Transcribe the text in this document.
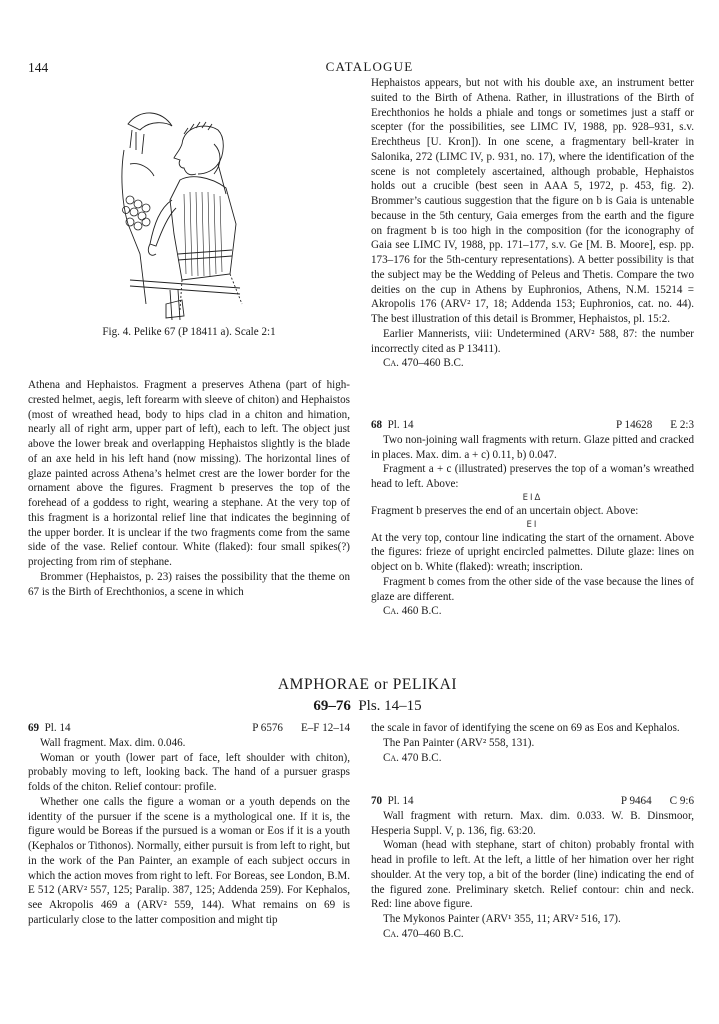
144	CATALOGUE
Fig. 4. Pelike 67 (P 18411 a). Scale 2:1

Athena and Hephaistos. Fragment a preserves Athena (part of high-crested helmet, aegis, left forearm with sleeve of chiton) and Hephaistos (most of wreathed head, body to hips clad in a chiton and himation, nearly all of right arm, upper part of left), each to left. The object just above the lower break and overlapping Hephaistos slightly is the blade of an axe held in his left hand (now missing). The horizontal lines of glaze painted across Athena’s helmet crest are the lower border for the ornament above the figures. Fragment b preserves the top of the forehead of a goddess to right, wearing a stephane. At the very top of this fragment is a horizontal relief line that indicates the beginning of the upper border. It is unclear if the two fragments come from the same side of the vase. Relief contour. White (flaked): four small spikes(?) projecting from rim of stephane.

Brommer (Hephaistos, p. 23) raises the possibility that the theme on 67 is the Birth of Erechthonios, a scene in which

Hephaistos appears, but not with his double axe, an instrument better suited to the Birth of Athena. Rather, in illustrations of the Birth of Erechthonios he holds a phiale and tongs or sometimes just a staff or scepter (for the possibilities, see LIMC IV, 1988, pp. 928–931, s.v. Erechtheus [U. Kron]). In one scene, a fragmentary bell-krater in Salonika, 272 (LIMC IV, p. 931, no. 17), where the identification of the scene is not completely ascertained, although probable, Hephaistos holds out a crucible (best seen in AAA 5, 1972, p. 453, fig. 2). Brommer’s cautious suggestion that the figure on b is Gaia is untenable because in the 5th century, Gaia emerges from the earth and the figure on fragment b is too high in the composition (for the iconography of Gaia see LIMC IV, 1988, pp. 171–177, s.v. Ge [M. B. Moore], esp. pp. 173–176 for the 5th-century representations). A better possibility is that the subject may be the Wedding of Peleus and Thetis. Compare the two deities on the cup in Athens by Euphronios, Athens, N.M. 15214 = Akropolis 176 (ARV² 17, 18; Addenda 153; Euphronios, cat. no. 44). The best illustration of this detail is Brommer, Hephaistos, pl. 15:2.

Earlier Mannerists, viii: Undetermined (ARV² 588, 87: the number incorrectly cited as P 13411).

Ca. 470–460 B.C.

68 Pl. 14	P 14628 E 2:3

Two non-joining wall fragments with return. Glaze pitted and cracked in places. Max. dim. a + c) 0.11, b) 0.047.

Fragment a + c (illustrated) preserves the top of a woman’s wreathed head to left. Above:

ΕΙΔ

Fragment b preserves the end of an uncertain object. Above:

ΕΙ

At the very top, contour line indicating the start of the ornament. Above the figures: frieze of upright encircled palmettes. Dilute glaze: lines on object on b. White (flaked): wreath; inscription.

Fragment b comes from the other side of the vase because the lines of glaze are different.

Ca. 460 B.C.

AMPHORAE or PELIKAI
69–76 Pls. 14–15
69 Pl. 14	P 6576 E–F 12–14

Wall fragment. Max. dim. 0.046.

Woman or youth (lower part of face, left shoulder with chiton), probably moving to left, looking back. The hand of a pursuer grasps folds of the chiton. Relief contour: profile.

Whether one calls the figure a woman or a youth depends on the identity of the pursuer if the scene is a mythological one. If it is, the figure would be Boreas if the pursued is a woman or Eos if it is a youth (Kephalos or Tithonos). Normally, either pursuit is from left to right, but in the work of the Pan Painter, an example of each subject occurs in which the action moves from right to left. For Boreas, see London, B.M. E 512 (ARV² 557, 125; Paralip. 387, 125; Addenda 259). For Kephalos, see Akropolis 469 a (ARV² 559, 144). What remains on 69 is particularly close to the latter composition and might tip

the scale in favor of identifying the scene on 69 as Eos and Kephalos.

The Pan Painter (ARV² 558, 131).

Ca. 470 B.C.

70 Pl. 14	P 9464 C 9:6

Wall fragment with return. Max. dim. 0.033. W. B. Dinsmoor, Hesperia Suppl. V, p. 136, fig. 63:20.

Woman (head with stephane, start of chiton) probably frontal with head in profile to left. At the left, a little of her himation over her right shoulder. At the very top, a bit of the border (line) indicating the end of the figured zone. Preliminary sketch. Relief contour: chin and neck. Red: line above figure.

The Mykonos Painter (ARV¹ 355, 11; ARV² 516, 17).

Ca. 470–460 B.C.
